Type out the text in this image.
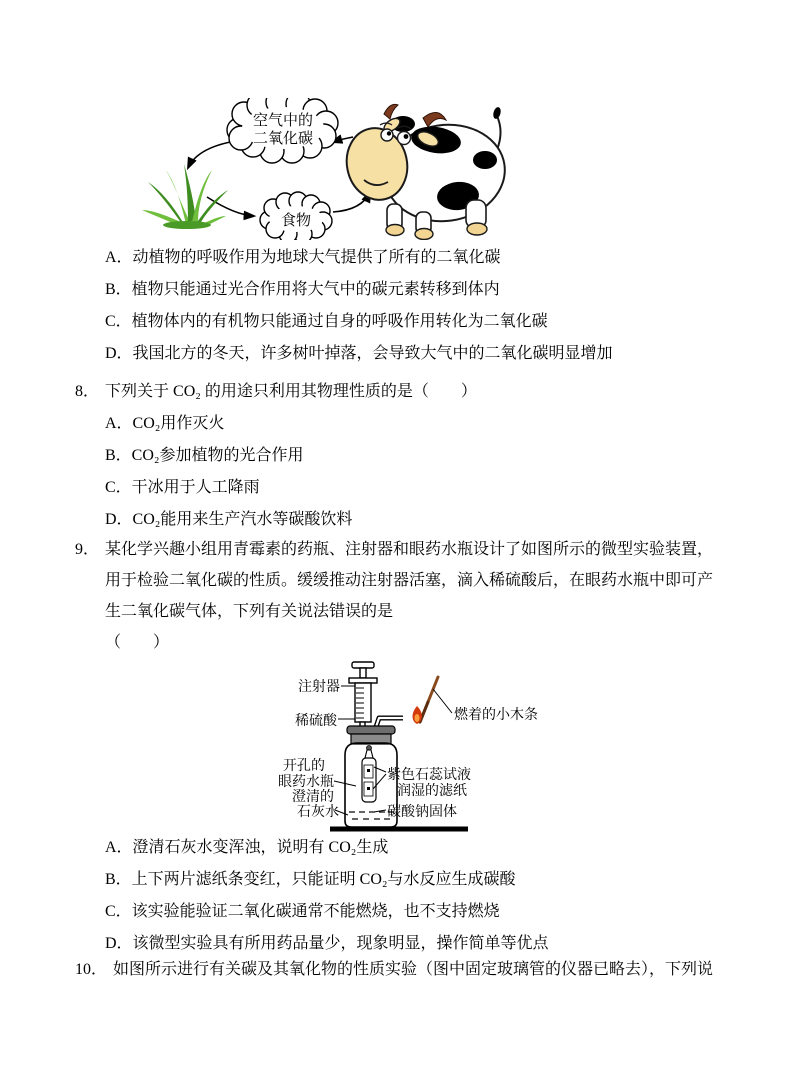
空气中的
二氧化碳
食物
A．动植物的呼吸作用为地球大气提供了所有的二氧化碳
B．植物只能通过光合作用将大气中的碳元素转移到体内
C．植物体内的有机物只能通过自身的呼吸作用转化为二氧化碳
D．我国北方的冬天，许多树叶掉落，会导致大气中的二氧化碳明显增加
8． 下列关于 CO₂ 的用途只利用其物理性质的是（　　）
A．CO₂用作灭火
B．CO₂参加植物的光合作用
C．干冰用于人工降雨
D．CO₂能用来生产汽水等碳酸饮料
9． 某化学兴趣小组用青霉素的药瓶、注射器和眼药水瓶设计了如图所示的微型实验装置，
用于检验二氧化碳的性质。缓缓推动注射器活塞，滴入稀硫酸后，在眼药水瓶中即可产
生二氧化碳气体，下列有关说法错误的是
（　　）
注射器
稀硫酸	燃着的小木条
开孔的
眼药水瓶
澄清的
石灰水
紫色石蕊试液
润湿的滤纸
碳酸钠固体
A．澄清石灰水变浑浊，说明有 CO₂生成
B．上下两片滤纸条变红，只能证明 CO₂与水反应生成碳酸
C．该实验能验证二氧化碳通常不能燃烧，也不支持燃烧
D．该微型实验具有所用药品量少，现象明显，操作简单等优点
10． 如图所示进行有关碳及其氧化物的性质实验（图中固定玻璃管的仪器已略去），下列说
